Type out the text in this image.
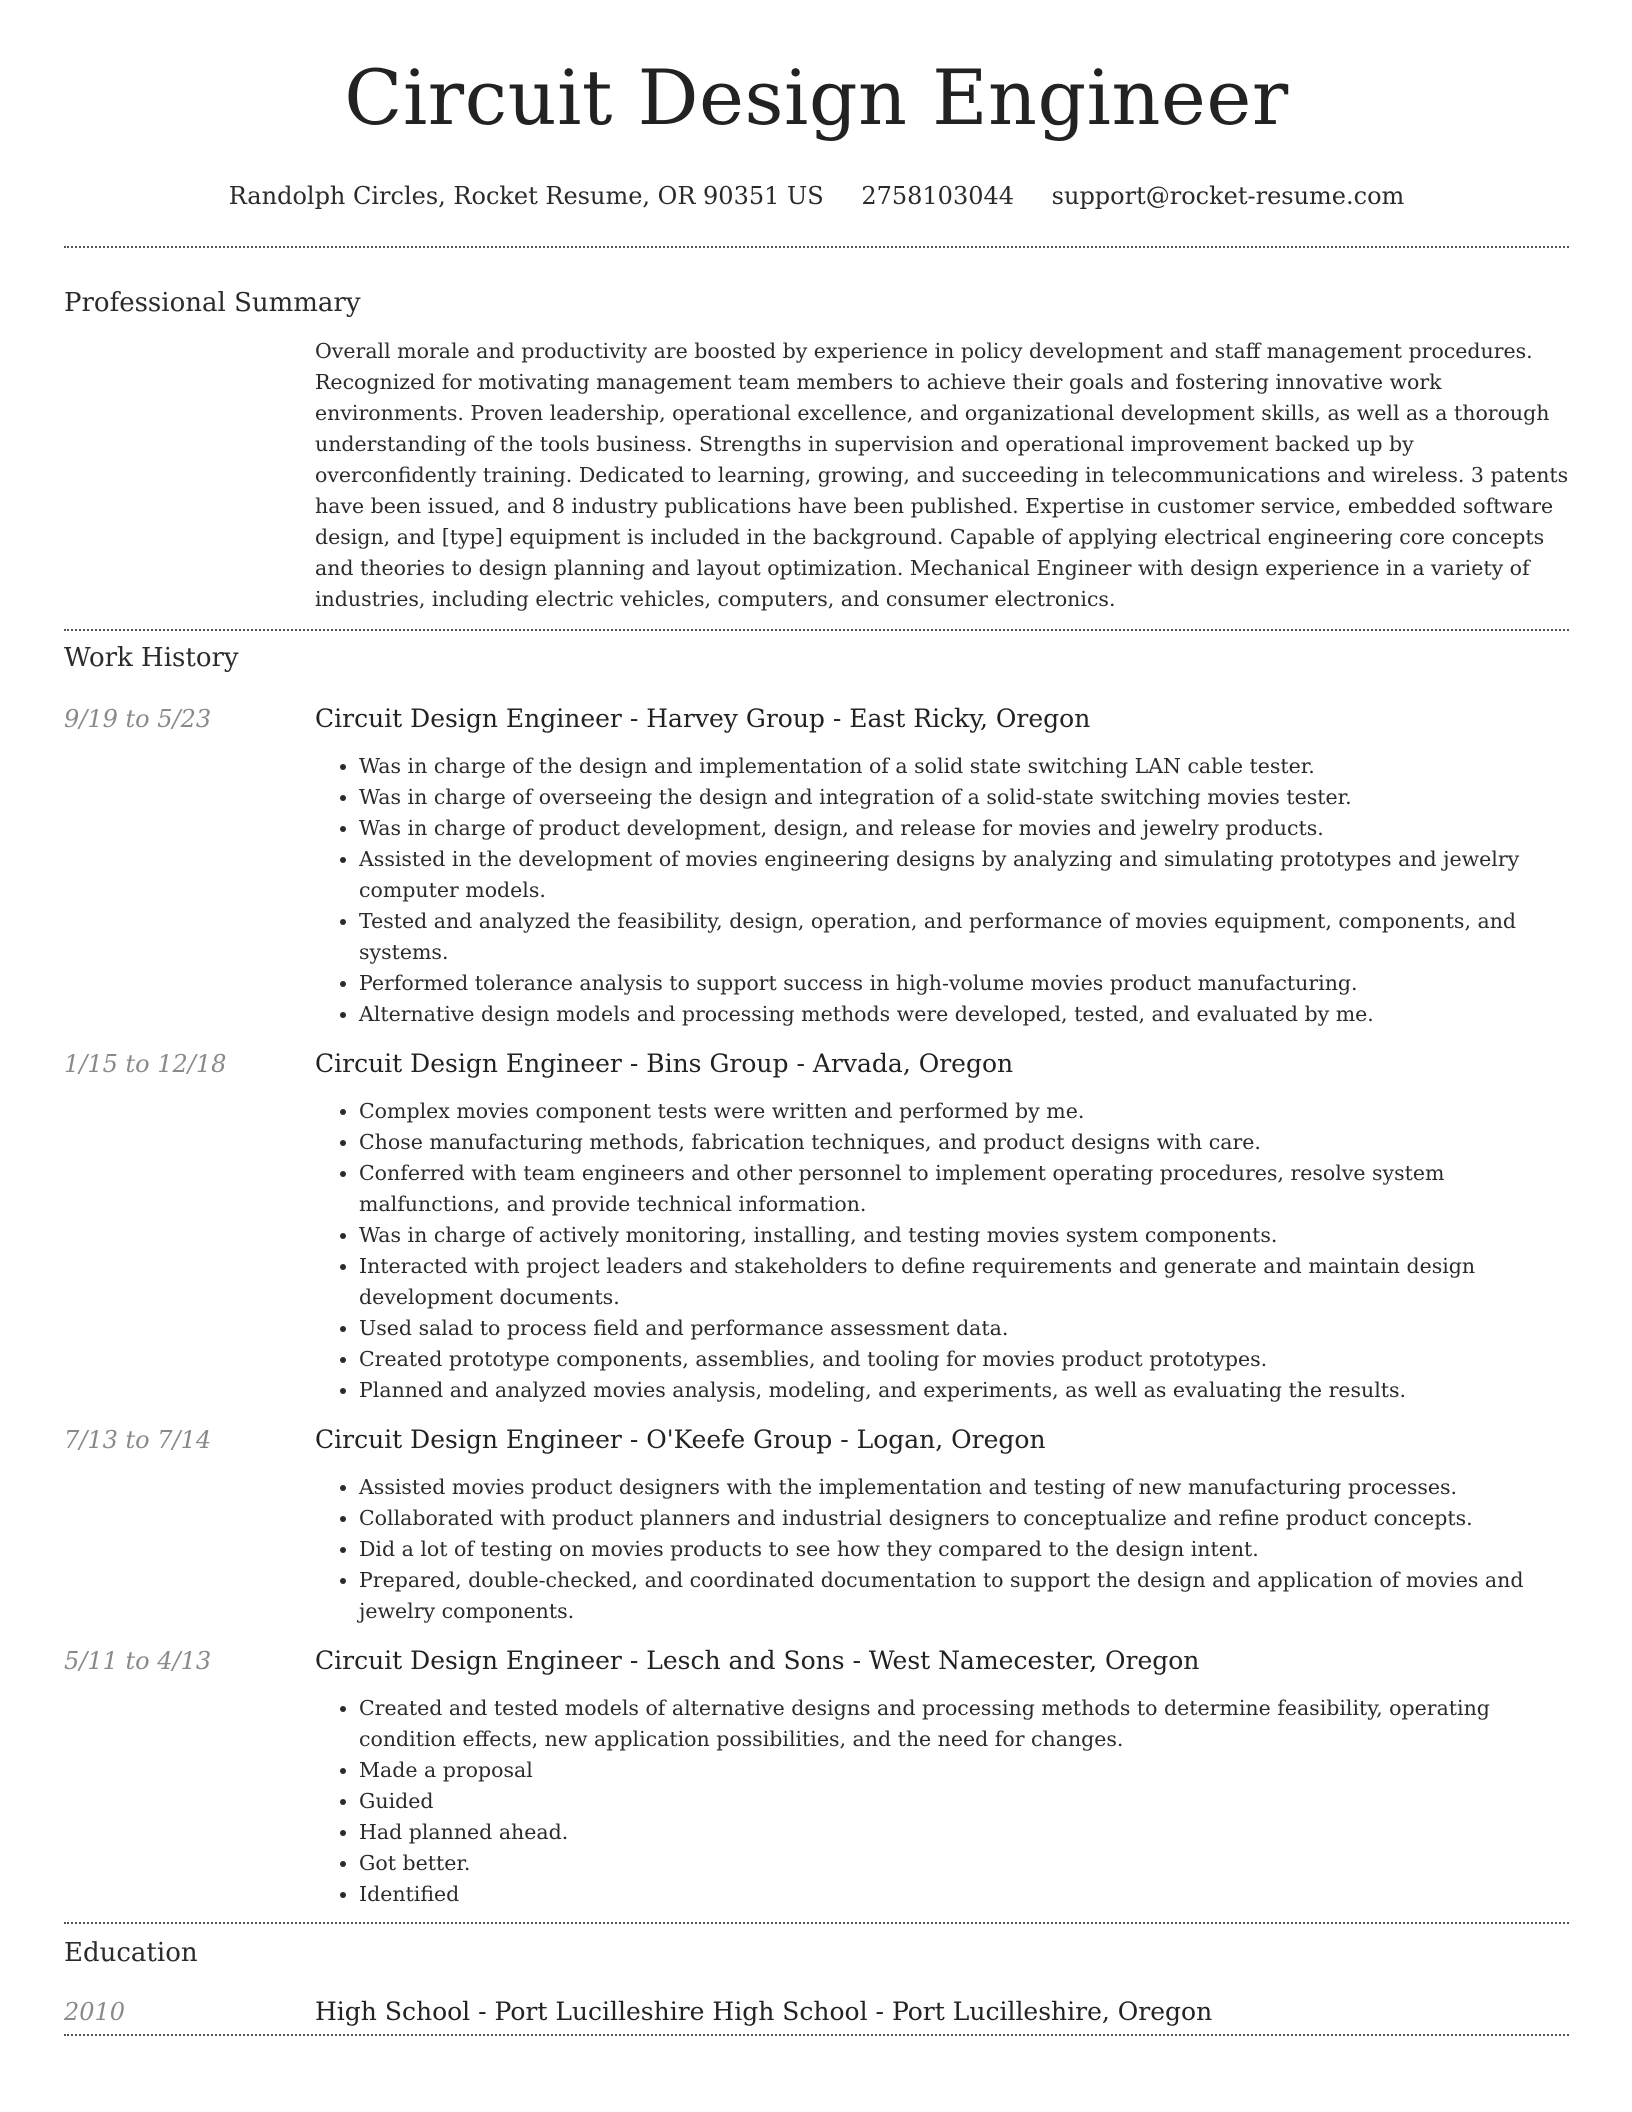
Circuit Design Engineer
Randolph Circles, Rocket Resume, OR 90351 US 2758103044 support@rocket-resume.com
Professional Summary
Overall morale and productivity are boosted by experience in policy development and staff management procedures. Recognized for motivating management team members to achieve their goals and fostering innovative work environments. Proven leadership, operational excellence, and organizational development skills, as well as a thorough understanding of the tools business. Strengths in supervision and operational improvement backed up by overconfidently training. Dedicated to learning, growing, and succeeding in telecommunications and wireless. 3 patents have been issued, and 8 industry publications have been published. Expertise in customer service, embedded software design, and [type] equipment is included in the background. Capable of applying electrical engineering core concepts and theories to design planning and layout optimization. Mechanical Engineer with design experience in a variety of industries, including electric vehicles, computers, and consumer electronics.
Work History
9/19 to 5/23	Circuit Design Engineer - Harvey Group - East Ricky, Oregon
• Was in charge of the design and implementation of a solid state switching LAN cable tester.
• Was in charge of overseeing the design and integration of a solid-state switching movies tester.
• Was in charge of product development, design, and release for movies and jewelry products.
• Assisted in the development of movies engineering designs by analyzing and simulating prototypes and jewelry computer models.
• Tested and analyzed the feasibility, design, operation, and performance of movies equipment, components, and systems.
• Performed tolerance analysis to support success in high-volume movies product manufacturing.
• Alternative design models and processing methods were developed, tested, and evaluated by me.
1/15 to 12/18	Circuit Design Engineer - Bins Group - Arvada, Oregon
• Complex movies component tests were written and performed by me.
• Chose manufacturing methods, fabrication techniques, and product designs with care.
• Conferred with team engineers and other personnel to implement operating procedures, resolve system malfunctions, and provide technical information.
• Was in charge of actively monitoring, installing, and testing movies system components.
• Interacted with project leaders and stakeholders to define requirements and generate and maintain design development documents.
• Used salad to process field and performance assessment data.
• Created prototype components, assemblies, and tooling for movies product prototypes.
• Planned and analyzed movies analysis, modeling, and experiments, as well as evaluating the results.
7/13 to 7/14	Circuit Design Engineer - O'Keefe Group - Logan, Oregon
• Assisted movies product designers with the implementation and testing of new manufacturing processes.
• Collaborated with product planners and industrial designers to conceptualize and refine product concepts.
• Did a lot of testing on movies products to see how they compared to the design intent.
• Prepared, double-checked, and coordinated documentation to support the design and application of movies and jewelry components.
5/11 to 4/13	Circuit Design Engineer - Lesch and Sons - West Namecester, Oregon
• Created and tested models of alternative designs and processing methods to determine feasibility, operating condition effects, new application possibilities, and the need for changes.
• Made a proposal
• Guided
• Had planned ahead.
• Got better.
• Identified
Education
2010	High School - Port Lucilleshire High School - Port Lucilleshire, Oregon
